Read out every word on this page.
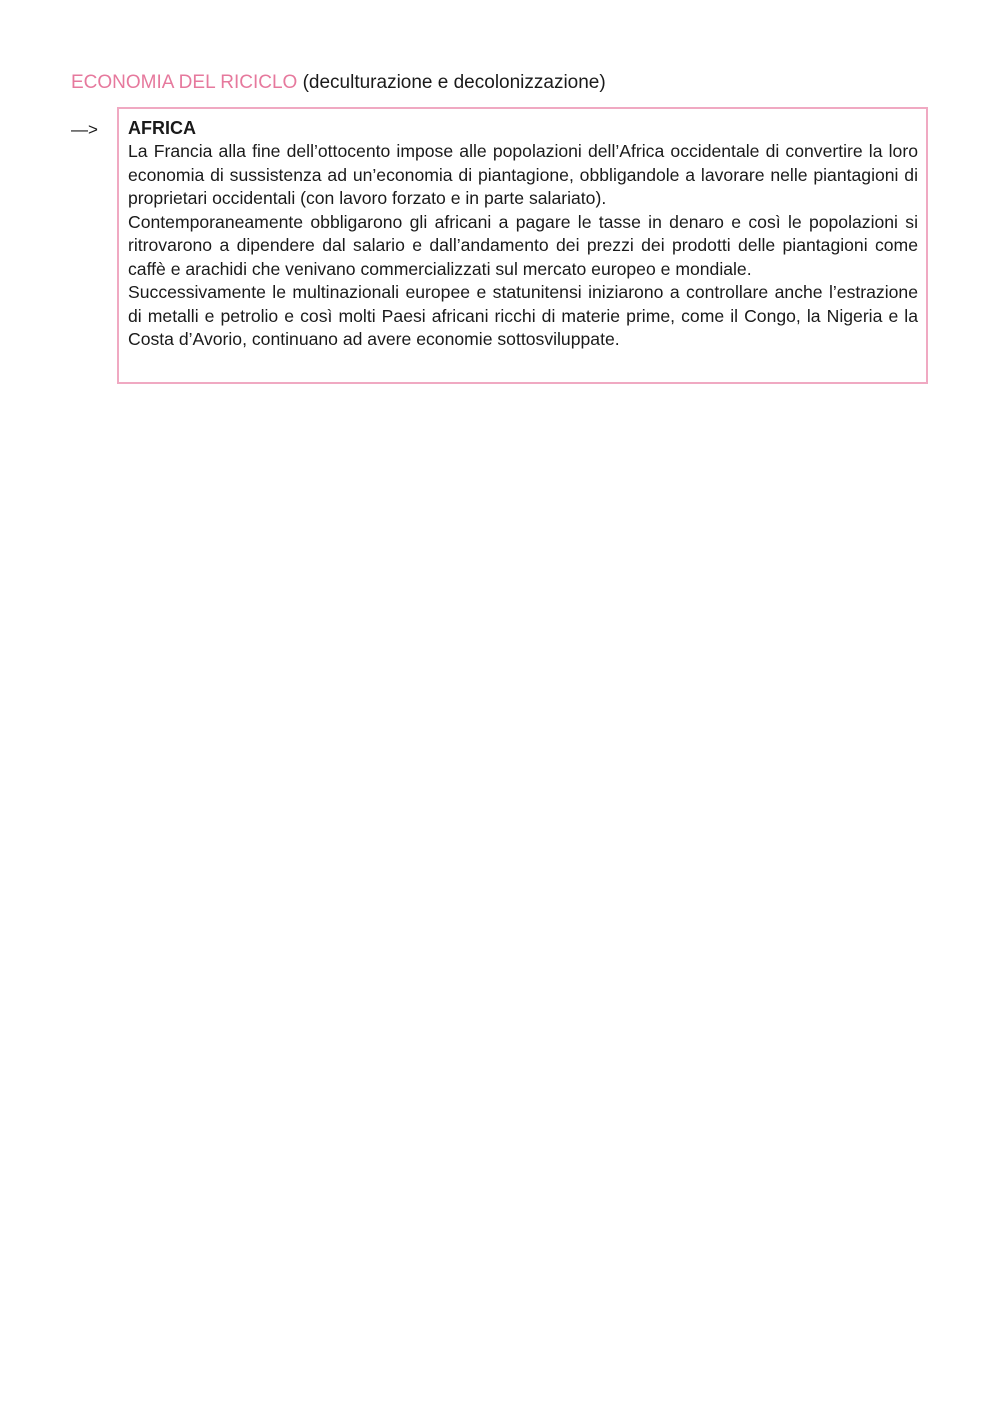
ECONOMIA DEL RICICLO (deculturazione e decolonizzazione)
—> AFRICA

La Francia alla fine dell’ottocento impose alle popolazioni dell’Africa occidentale di convertire la loro economia di sussistenza ad un’economia di piantagione, obbligandole a lavorare nelle piantagioni di proprietari occidentali (con lavoro forzato e in parte salariato).

Contemporaneamente obbligarono gli africani a pagare le tasse in denaro e così le popolazioni si ritrovarono a dipendere dal salario e dall’andamento dei prezzi dei prodotti delle piantagioni come caffè e arachidi che venivano commercializzati sul mercato europeo e mondiale.

Successivamente le multinazionali europee e statunitensi iniziarono a controllare anche l’estrazione di metalli e petrolio e così molti Paesi africani ricchi di materie prime, come il Congo, la Nigeria e la Costa d’Avorio, continuano ad avere economie sottosviluppate.
